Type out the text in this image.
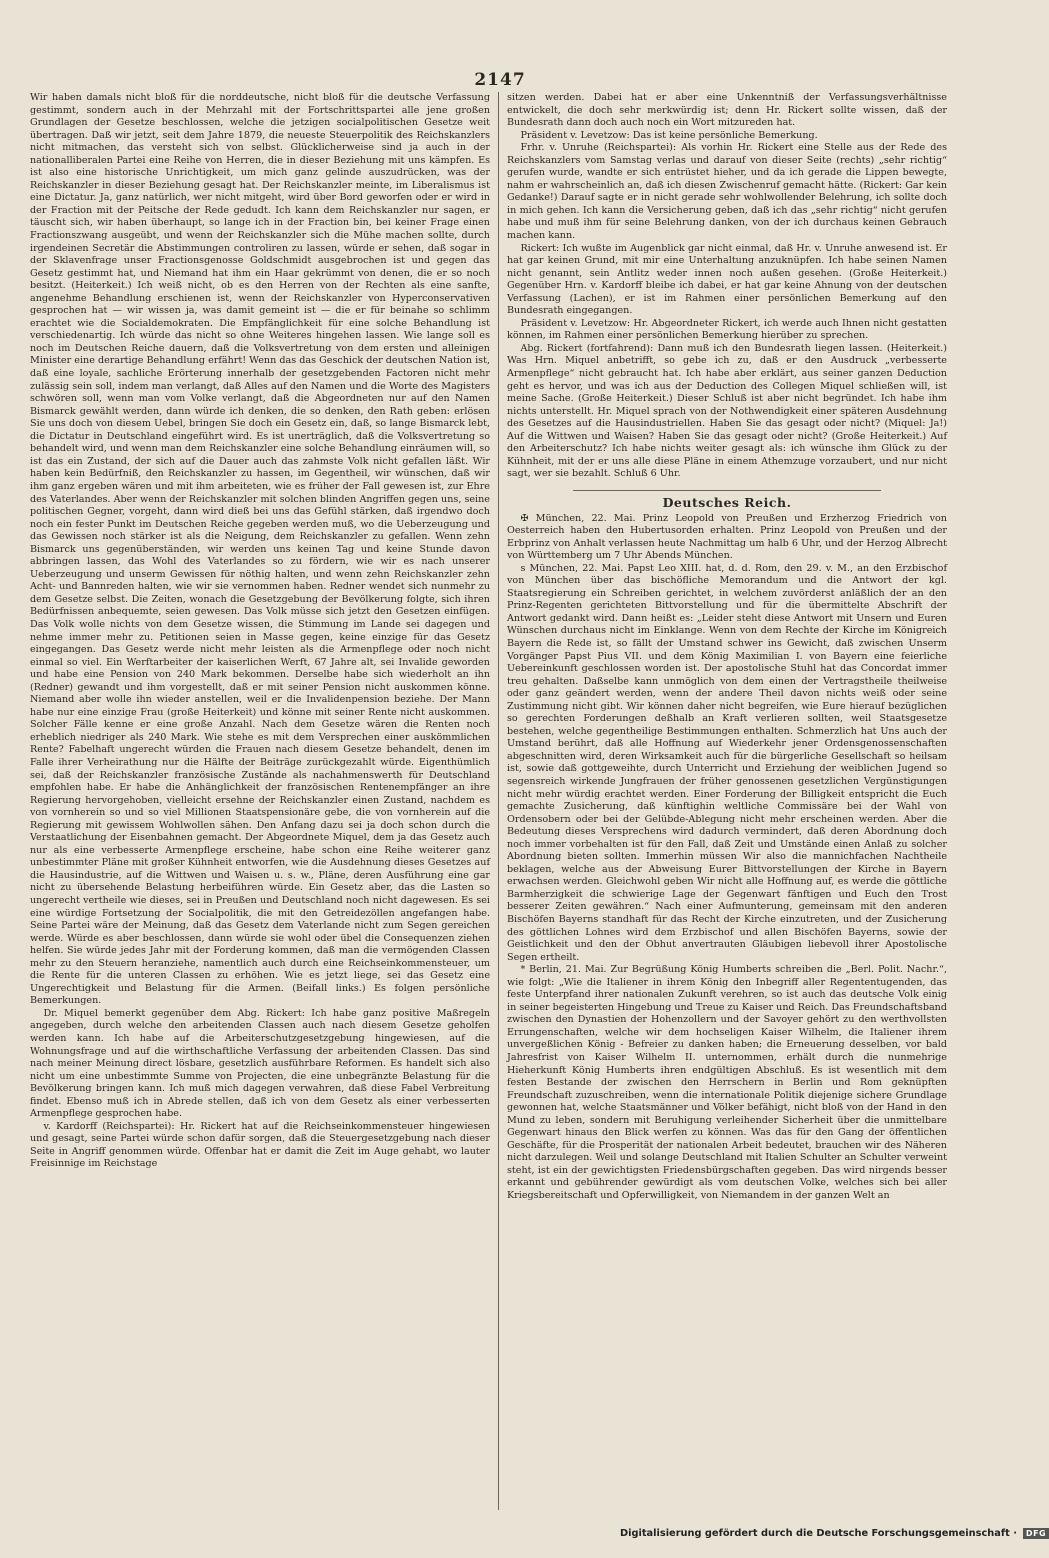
2147

Wir haben damals nicht bloß für die norddeutsche, nicht bloß für die deutsche Verfassung gestimmt, sondern auch in der Mehrzahl mit der Fortschrittspartei alle jene großen Grundlagen der Gesetze beschlossen, welche die jetzigen socialpolitischen Gesetze weit übertragen. Daß wir jetzt, seit dem Jahre 1879, die neueste Steuerpolitik des Reichskanzlers nicht mitmachen, das versteht sich von selbst. Glücklicherweise sind ja auch in der nationalliberalen Partei eine Reihe von Herren, die in dieser Beziehung mit uns kämpfen. Es ist also eine historische Unrichtigkeit, um mich ganz gelinde auszudrücken, was der Reichskanzler in dieser Beziehung gesagt hat. Der Reichskanzler meinte, im Liberalismus ist eine Dictatur. Ja, ganz natürlich, wer nicht mitgeht, wird über Bord geworfen oder er wird in der Fraction mit der Peitsche der Rede gedudt. Ich kann dem Reichskanzler nur sagen, er täuscht sich, wir haben überhaupt, so lange ich in der Fraction bin, bei keiner Frage einen Fractionszwang ausgeübt, und wenn der Reichskanzler sich die Mühe machen sollte, durch irgendeinen Secretär die Abstimmungen controliren zu lassen, würde er sehen, daß sogar in der Sklavenfrage unser Fractionsgenosse Goldschmidt ausgebrochen ist und gegen das Gesetz gestimmt hat, und Niemand hat ihm ein Haar gekrümmt von denen, die er so noch besitzt. (Heiterkeit.) Ich weiß nicht, ob es den Herren von der Rechten als eine sanfte, angenehme Behandlung erschienen ist, wenn der Reichskanzler von Hyperconservativen gesprochen hat — wir wissen ja, was damit gemeint ist — die er für beinahe so schlimm erachtet wie die Socialdemokraten. Die Empfänglichkeit für eine solche Behandlung ist verschiedenartig. Ich würde das nicht so ohne Weiteres hingehen lassen. Wie lange soll es noch im Deutschen Reiche dauern, daß die Volksvertretung von dem ersten und alleinigen Minister eine derartige Behandlung erfährt! Wenn das das Geschick der deutschen Nation ist, daß eine loyale, sachliche Erörterung innerhalb der gesetzgebenden Factoren nicht mehr zulässig sein soll, indem man verlangt, daß Alles auf den Namen und die Worte des Magisters schwören soll, wenn man vom Volke verlangt, daß die Abgeordneten nur auf den Namen Bismarck gewählt werden, dann würde ich denken, die so denken, den Rath geben: erlösen Sie uns doch von diesem Uebel, bringen Sie doch ein Gesetz ein, daß, so lange Bismarck lebt, die Dictatur in Deutschland eingeführt wird. Es ist unerträglich, daß die Volksvertretung so behandelt wird, und wenn man dem Reichskanzler eine solche Behandlung einräumen will, so ist das ein Zustand, der sich auf die Dauer auch das zahmste Volk nicht gefallen läßt. Wir haben kein Bedürfniß, den Reichskanzler zu hassen, im Gegentheil, wir wünschen, daß wir ihm ganz ergeben wären und mit ihm arbeiteten, wie es früher der Fall gewesen ist, zur Ehre des Vaterlandes. Aber wenn der Reichskanzler mit solchen blinden Angriffen gegen uns, seine politischen Gegner, vorgeht, dann wird dieß bei uns das Gefühl stärken, daß irgendwo doch noch ein fester Punkt im Deutschen Reiche gegeben werden muß, wo die Ueberzeugung und das Gewissen noch stärker ist als die Neigung, dem Reichskanzler zu gefallen. Wenn zehn Bismarck uns gegenüberständen, wir werden uns keinen Tag und keine Stunde davon abbringen lassen, das Wohl des Vaterlandes so zu fördern, wie wir es nach unserer Ueberzeugung und unserm Gewissen für nöthig halten, und wenn zehn Reichskanzler zehn Acht- und Bannreden halten, wie wir sie vernommen haben. Redner wendet sich nunmehr zu dem Gesetze selbst. Die Zeiten, wonach die Gesetzgebung der Bevölkerung folgte, sich ihren Bedürfnissen anbequemte, seien gewesen. Das Volk müsse sich jetzt den Gesetzen einfügen. Das Volk wolle nichts von dem Gesetze wissen, die Stimmung im Lande sei dagegen und nehme immer mehr zu. Petitionen seien in Masse gegen, keine einzige für das Gesetz eingegangen. Das Gesetz werde nicht mehr leisten als die Armenpflege oder noch nicht einmal so viel. Ein Werftarbeiter der kaiserlichen Werft, 67 Jahre alt, sei Invalide geworden und habe eine Pension von 240 Mark bekommen. Derselbe habe sich wiederholt an ihn (Redner) gewandt und ihm vorgestellt, daß er mit seiner Pension nicht auskommen könne. Niemand aber wolle ihn wieder anstellen, weil er die Invalidenpension beziehe. Der Mann habe nur eine einzige Frau (große Heiterkeit) und könne mit seiner Rente nicht auskommen. Solcher Fälle kenne er eine große Anzahl. Nach dem Gesetze wären die Renten noch erheblich niedriger als 240 Mark. Wie stehe es mit dem Versprechen einer auskömmlichen Rente? Fabelhaft ungerecht würden die Frauen nach diesem Gesetze behandelt, denen im Falle ihrer Verheirathung nur die Hälfte der Beiträge zurückgezahlt würde. Eigenthümlich sei, daß der Reichskanzler französische Zustände als nachahmenswerth für Deutschland empfohlen habe. Er habe die Anhänglichkeit der französischen Rentenempfänger an ihre Regierung hervorgehoben, vielleicht ersehne der Reichskanzler einen Zustand, nachdem es von vornherein so und so viel Millionen Staatspensionäre gebe, die von vornherein auf die Regierung mit gewissem Wohlwollen sähen. Den Anfang dazu sei ja doch schon durch die Verstaatlichung der Eisenbahnen gemacht. Der Abgeordnete Miquel, dem ja das Gesetz auch nur als eine verbesserte Armenpflege erscheine, habe schon eine Reihe weiterer ganz unbestimmter Pläne mit großer Kühnheit entworfen, wie die Ausdehnung dieses Gesetzes auf die Hausindustrie, auf die Wittwen und Waisen u. s. w., Pläne, deren Ausführung eine gar nicht zu übersehende Belastung herbeiführen würde. Ein Gesetz aber, das die Lasten so ungerecht vertheile wie dieses, sei in Preußen und Deutschland noch nicht dagewesen. Es sei eine würdige Fortsetzung der Socialpolitik, die mit den Getreidezöllen angefangen habe. Seine Partei wäre der Meinung, daß das Gesetz dem Vaterlande nicht zum Segen gereichen werde. Würde es aber beschlossen, dann würde sie wohl oder übel die Consequenzen ziehen helfen. Sie würde jedes Jahr mit der Forderung kommen, daß man die vermögenden Classen mehr zu den Steuern heranziehe, namentlich auch durch eine Reichseinkommensteuer, um die Rente für die unteren Classen zu erhöhen. Wie es jetzt liege, sei das Gesetz eine Ungerechtigkeit und Belastung für die Armen. (Beifall links.) Es folgen persönliche Bemerkungen.

Dr. Miquel bemerkt gegenüber dem Abg. Rickert: Ich habe ganz positive Maßregeln angegeben, durch welche den arbeitenden Classen auch nach diesem Gesetze geholfen werden kann. Ich habe auf die Arbeiterschutzgesetzgebung hingewiesen, auf die Wohnungsfrage und auf die wirthschaftliche Verfassung der arbeitenden Classen. Das sind nach meiner Meinung direct lösbare, gesetzlich ausführbare Reformen. Es handelt sich also nicht um eine unbestimmte Summe von Projecten, die eine unbegränzte Belastung für die Bevölkerung bringen kann. Ich muß mich dagegen verwahren, daß diese Fabel Verbreitung findet. Ebenso muß ich in Abrede stellen, daß ich von dem Gesetz als einer verbesserten Armenpflege gesprochen habe.

v. Kardorff (Reichspartei): Hr. Rickert hat auf die Reichseinkommensteuer hingewiesen und gesagt, seine Partei würde schon dafür sorgen, daß die Steuergesetzgebung nach dieser Seite in Angriff genommen würde. Offenbar hat er damit die Zeit im Auge gehabt, wo lauter Freisinnige im Reichstage

sitzen werden. Dabei hat er aber eine Unkenntniß der Verfassungsverhältnisse entwickelt, die doch sehr merkwürdig ist; denn Hr. Rickert sollte wissen, daß der Bundesrath dann doch auch noch ein Wort mitzureden hat.

Präsident v. Levetzow: Das ist keine persönliche Bemerkung.

Frhr. v. Unruhe (Reichspartei): Als vorhin Hr. Rickert eine Stelle aus der Rede des Reichskanzlers vom Samstag verlas und darauf von dieser Seite (rechts) „sehr richtig“ gerufen wurde, wandte er sich entrüstet hieher, und da ich gerade die Lippen bewegte, nahm er wahrscheinlich an, daß ich diesen Zwischenruf gemacht hätte. (Rickert: Gar kein Gedanke!) Darauf sagte er in nicht gerade sehr wohlwollender Belehrung, ich sollte doch in mich gehen. Ich kann die Versicherung geben, daß ich das „sehr richtig“ nicht gerufen habe und muß ihm für seine Belehrung danken, von der ich durchaus keinen Gebrauch machen kann.

Rickert: Ich wußte im Augenblick gar nicht einmal, daß Hr. v. Unruhe anwesend ist. Er hat gar keinen Grund, mit mir eine Unterhaltung anzuknüpfen. Ich habe seinen Namen nicht genannt, sein Antlitz weder innen noch außen gesehen. (Große Heiterkeit.) Gegenüber Hrn. v. Kardorff bleibe ich dabei, er hat gar keine Ahnung von der deutschen Verfassung (Lachen), er ist im Rahmen einer persönlichen Bemerkung auf den Bundesrath eingegangen.

Präsident v. Levetzow: Hr. Abgeordneter Rickert, ich werde auch Ihnen nicht gestatten können, im Rahmen einer persönlichen Bemerkung hierüber zu sprechen.

Abg. Rickert (fortfahrend): Dann muß ich den Bundesrath liegen lassen. (Heiterkeit.) Was Hrn. Miquel anbetrifft, so gebe ich zu, daß er den Ausdruck „verbesserte Armenpflege“ nicht gebraucht hat. Ich habe aber erklärt, aus seiner ganzen Deduction geht es hervor, und was ich aus der Deduction des Collegen Miquel schließen will, ist meine Sache. (Große Heiterkeit.) Dieser Schluß ist aber nicht begründet. Ich habe ihm nichts unterstellt. Hr. Miquel sprach von der Nothwendigkeit einer späteren Ausdehnung des Gesetzes auf die Hausindustriellen. Haben Sie das gesagt oder nicht? (Miquel: Ja!) Auf die Wittwen und Waisen? Haben Sie das gesagt oder nicht? (Große Heiterkeit.) Auf den Arbeiterschutz? Ich habe nichts weiter gesagt als: ich wünsche ihm Glück zu der Kühnheit, mit der er uns alle diese Pläne in einem Athemzuge vorzaubert, und nur nicht sagt, wer sie bezahlt. Schluß 6 Uhr.

Deutsches Reich.

✠ München, 22. Mai. Prinz Leopold von Preußen und Erzherzog Friedrich von Oesterreich haben den Hubertusorden erhalten. Prinz Leopold von Preußen und der Erbprinz von Anhalt verlassen heute Nachmittag um halb 6 Uhr, und der Herzog Albrecht von Württemberg um 7 Uhr Abends München.

s München, 22. Mai. Papst Leo XIII. hat, d. d. Rom, den 29. v. M., an den Erzbischof von München über das bischöfliche Memorandum und die Antwort der kgl. Staatsregierung ein Schreiben gerichtet, in welchem zuvörderst anläßlich der an den Prinz-Regenten gerichteten Bittvorstellung und für die übermittelte Abschrift der Antwort gedankt wird. Dann heißt es: „Leider steht diese Antwort mit Unsern und Euren Wünschen durchaus nicht im Einklange. Wenn von dem Rechte der Kirche im Königreich Bayern die Rede ist, so fällt der Umstand schwer ins Gewicht, daß zwischen Unserm Vorgänger Papst Pius VII. und dem König Maximilian I. von Bayern eine feierliche Uebereinkunft geschlossen worden ist. Der apostolische Stuhl hat das Concordat immer treu gehalten. Daßselbe kann unmöglich von dem einen der Vertragstheile theilweise oder ganz geändert werden, wenn der andere Theil davon nichts weiß oder seine Zustimmung nicht gibt. Wir können daher nicht begreifen, wie Eure hierauf bezüglichen so gerechten Forderungen deßhalb an Kraft verlieren sollten, weil Staatsgesetze bestehen, welche gegentheilige Bestimmungen enthalten. Schmerzlich hat Uns auch der Umstand berührt, daß alle Hoffnung auf Wiederkehr jener Ordensgenossenschaften abgeschnitten wird, deren Wirksamkeit auch für die bürgerliche Gesellschaft so heilsam ist, sowie daß gottgeweihte, durch Unterricht und Erziehung der weiblichen Jugend so segensreich wirkende Jungfrauen der früher genossenen gesetzlichen Vergünstigungen nicht mehr würdig erachtet werden. Einer Forderung der Billigkeit entspricht die Euch gemachte Zusicherung, daß künftighin weltliche Commissäre bei der Wahl von Ordensobern oder bei der Gelübde-Ablegung nicht mehr erscheinen werden. Aber die Bedeutung dieses Versprechens wird dadurch vermindert, daß deren Abordnung doch noch immer vorbehalten ist für den Fall, daß Zeit und Umstände einen Anlaß zu solcher Abordnung bieten sollten. Immerhin müssen Wir also die mannichfachen Nachtheile beklagen, welche aus der Abweisung Eurer Bittvorstellungen der Kirche in Bayern erwachsen werden. Gleichwohl geben Wir nicht alle Hoffnung auf, es werde die göttliche Barmherzigkeit die schwierige Lage der Gegenwart fänftigen und Euch den Trost besserer Zeiten gewähren.“ Nach einer Aufmunterung, gemeinsam mit den anderen Bischöfen Bayerns standhaft für das Recht der Kirche einzutreten, und der Zusicherung des göttlichen Lohnes wird dem Erzbischof und allen Bischöfen Bayerns, sowie der Geistlichkeit und den der Obhut anvertrauten Gläubigen liebevoll ihrer Apostolische Segen ertheilt.

* Berlin, 21. Mai. Zur Begrüßung König Humberts schreiben die „Berl. Polit. Nachr.“, wie folgt: „Wie die Italiener in ihrem König den Inbegriff aller Regententugenden, das feste Unterpfand ihrer nationalen Zukunft verehren, so ist auch das deutsche Volk einig in seiner begeisterten Hingebung und Treue zu Kaiser und Reich. Das Freundschaftsband zwischen den Dynastien der Hohenzollern und der Savoyer gehört zu den werthvollsten Errungenschaften, welche wir dem hochseligen Kaiser Wilhelm, die Italiener ihrem unvergeßlichen König - Befreier zu danken haben; die Erneuerung desselben, vor bald Jahresfrist von Kaiser Wilhelm II. unternommen, erhält durch die nunmehrige Hieherkunft König Humberts ihren endgültigen Abschluß. Es ist wesentlich mit dem festen Bestande der zwischen den Herrschern in Berlin und Rom geknüpften Freundschaft zuzuschreiben, wenn die internationale Politik diejenige sichere Grundlage gewonnen hat, welche Staatsmänner und Völker befähigt, nicht bloß von der Hand in den Mund zu leben, sondern mit Beruhigung verleihender Sicherheit über die unmittelbare Gegenwart hinaus den Blick werfen zu können. Was das für den Gang der öffentlichen Geschäfte, für die Prosperität der nationalen Arbeit bedeutet, brauchen wir des Näheren nicht darzulegen. Weil und solange Deutschland mit Italien Schulter an Schulter verweint steht, ist ein der gewichtigsten Friedensbürgschaften gegeben. Das wird nirgends besser erkannt und gebührender gewürdigt als vom deutschen Volke, welches sich bei aller Kriegsbereitschaft und Opferwilligkeit, von Niemandem in der ganzen Welt an

Digitalisierung gefördert durch die Deutsche Forschungsgemeinschaft ·	DFG
